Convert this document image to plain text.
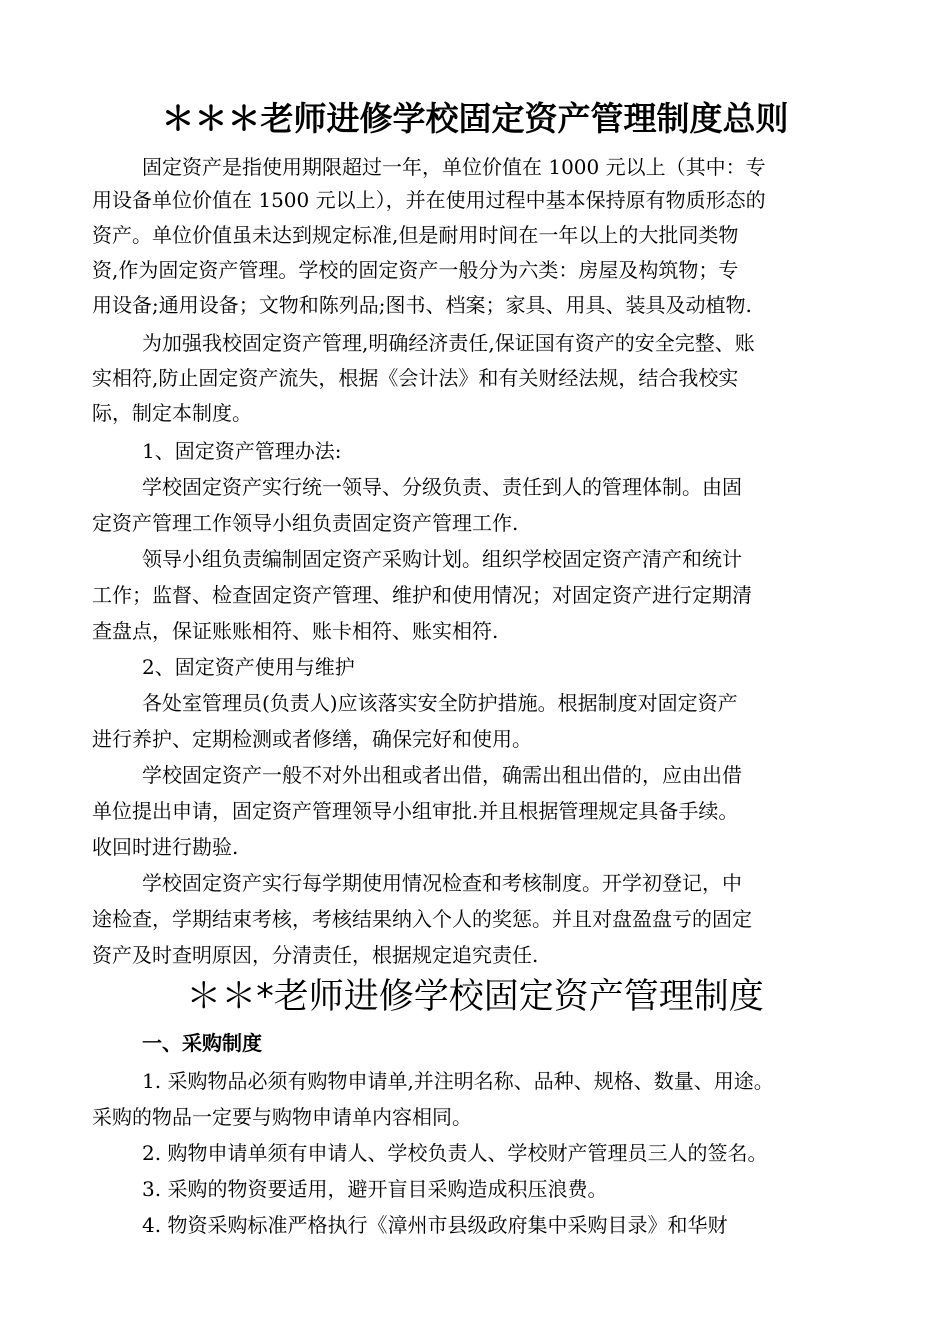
＊＊＊老师进修学校固定资产管理制度总则
固定资产是指使用期限超过一年，单位价值在 1000 元以上（其中：专
用设备单位价值在 1500 元以上），并在使用过程中基本保持原有物质形态的
资产。单位价值虽未达到规定标准,但是耐用时间在一年以上的大批同类物
资,作为固定资产管理。学校的固定资产一般分为六类：房屋及构筑物；专
用设备;通用设备；文物和陈列品;图书、档案；家具、用具、装具及动植物.
为加强我校固定资产管理,明确经济责任,保证国有资产的安全完整、账
实相符,防止固定资产流失，根据《会计法》和有关财经法规，结合我校实
际，制定本制度。
1、固定资产管理办法:
学校固定资产实行统一领导、分级负责、责任到人的管理体制。由固
定资产管理工作领导小组负责固定资产管理工作.
领导小组负责编制固定资产采购计划。组织学校固定资产清产和统计
工作；监督、检查固定资产管理、维护和使用情况；对固定资产进行定期清
查盘点，保证账账相符、账卡相符、账实相符.
2、固定资产使用与维护
各处室管理员(负责人)应该落实安全防护措施。根据制度对固定资产
进行养护、定期检测或者修缮，确保完好和使用。
学校固定资产一般不对外出租或者出借，确需出租出借的，应由出借
单位提出申请，固定资产管理领导小组审批.并且根据管理规定具备手续。
收回时进行勘验.
学校固定资产实行每学期使用情况检查和考核制度。开学初登记，中
途检查，学期结束考核，考核结果纳入个人的奖惩。并且对盘盈盘亏的固定
资产及时查明原因，分清责任，根据规定追究责任.
＊＊*老师进修学校固定资产管理制度
一、采购制度
1. 采购物品必须有购物申请单,并注明名称、品种、规格、数量、用途。
采购的物品一定要与购物申请单内容相同。
2. 购物申请单须有申请人、学校负责人、学校财产管理员三人的签名。
3. 采购的物资要适用，避开盲目采购造成积压浪费。
4. 物资采购标准严格执行《漳州市县级政府集中采购目录》和华财
